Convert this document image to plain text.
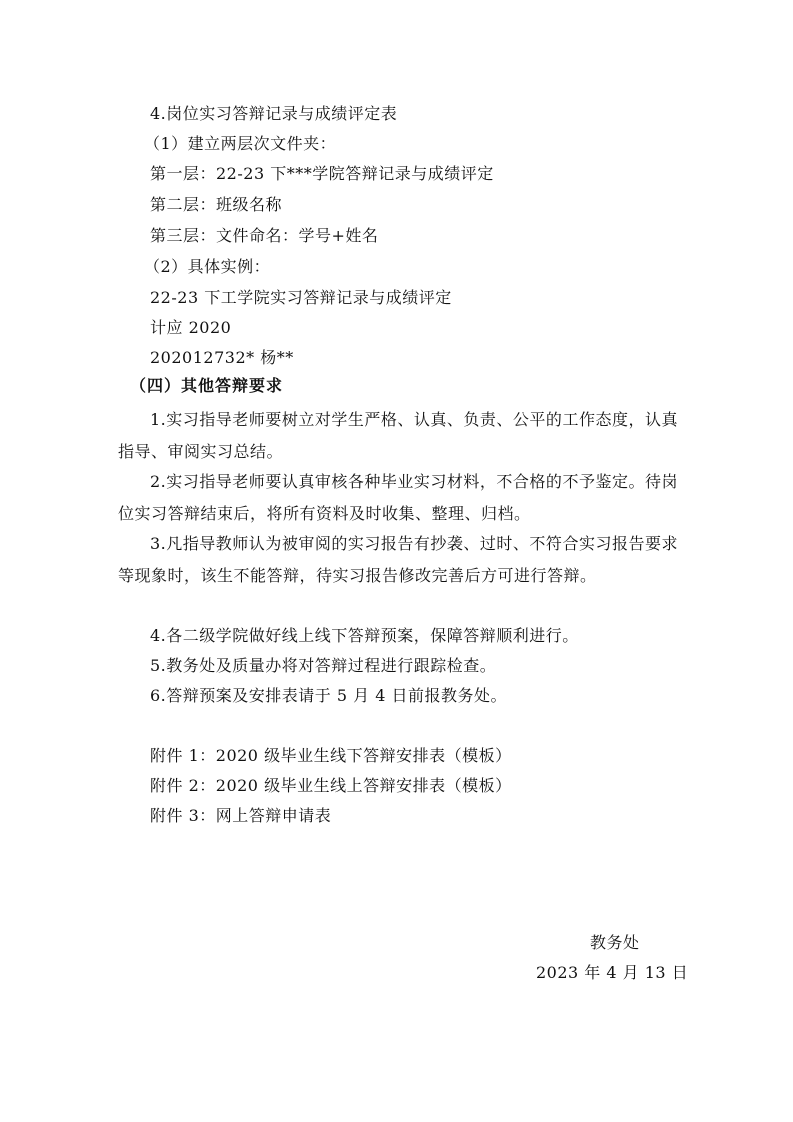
4.岗位实习答辩记录与成绩评定表
（1）建立两层次文件夹：
第一层：22-23 下***学院答辩记录与成绩评定
第二层：班级名称
第三层：文件命名：学号+姓名
（2）具体实例：
22-23 下工学院实习答辩记录与成绩评定
计应 2020
202012732* 杨**
（四）其他答辩要求
1.实习指导老师要树立对学生严格、认真、负责、公平的工作态度，认真指导、审阅实习总结。
2.实习指导老师要认真审核各种毕业实习材料，不合格的不予鉴定。待岗位实习答辩结束后，将所有资料及时收集、整理、归档。
3.凡指导教师认为被审阅的实习报告有抄袭、过时、不符合实习报告要求等现象时，该生不能答辩，待实习报告修改完善后方可进行答辩。
4.各二级学院做好线上线下答辩预案，保障答辩顺利进行。
5.教务处及质量办将对答辩过程进行跟踪检查。
6.答辩预案及安排表请于 5 月 4 日前报教务处。
附件 1：2020 级毕业生线下答辩安排表（模板）
附件 2：2020 级毕业生线上答辩安排表（模板）
附件 3：网上答辩申请表
教务处
2023 年 4 月 13 日
